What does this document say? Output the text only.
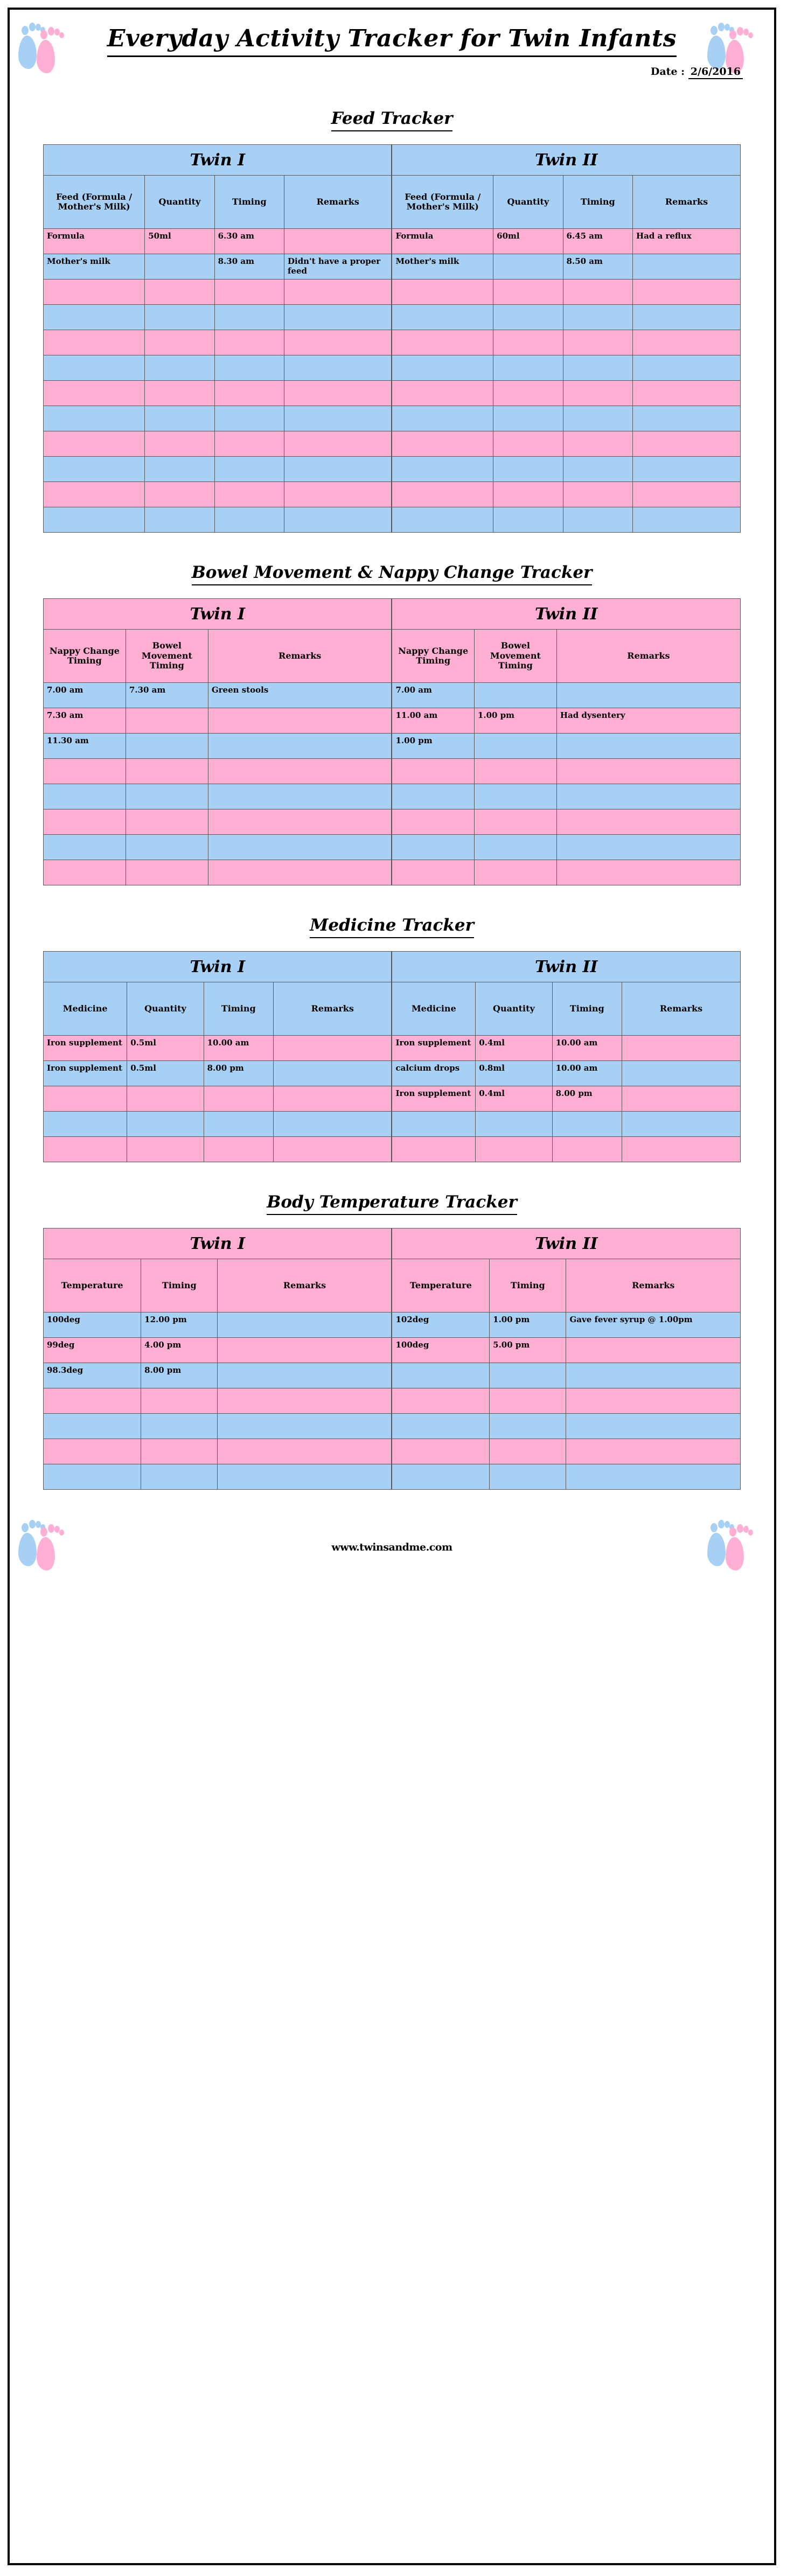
Everyday Activity Tracker for Twin Infants
Date : 2/6/2016
Feed Tracker
Twin I				Twin II			
Feed (Formula / Mother's Milk)	Quantity	Timing	Remarks	Feed (Formula / Mother's Milk)	Quantity	Timing	Remarks
Formula	50ml	6.30 am		Formula	60ml	6.45 am	Had a reflux
Mother's milk		8.30 am	Didn't have a proper feed	Mother's milk		8.50 am	

Bowel Movement & Nappy Change Tracker
Twin I			Twin II		
Nappy Change Timing	Bowel Movement Timing	Remarks	Nappy Change Timing	Bowel Movement Timing	Remarks
7.00 am	7.30 am	Green stools	7.00 am		
7.30 am			11.00 am	1.00 pm	Had dysentery
11.30 am			1.00 pm		

Medicine Tracker
Twin I				Twin II			
Medicine	Quantity	Timing	Remarks	Medicine	Quantity	Timing	Remarks
Iron supplement	0.5ml	10.00 am		Iron supplement	0.4ml	10.00 am	
Iron supplement	0.5ml	8.00 pm		calcium drops	0.8ml	10.00 am	
				Iron supplement	0.4ml	8.00 pm	

Body Temperature Tracker
Twin I			Twin II		
Temperature	Timing	Remarks	Temperature	Timing	Remarks
100deg	12.00 pm		102deg	1.00 pm	Gave fever syrup @ 1.00pm
99deg	4.00 pm		100deg	5.00 pm	
98.3deg	8.00 pm				

www.twinsandme.com
